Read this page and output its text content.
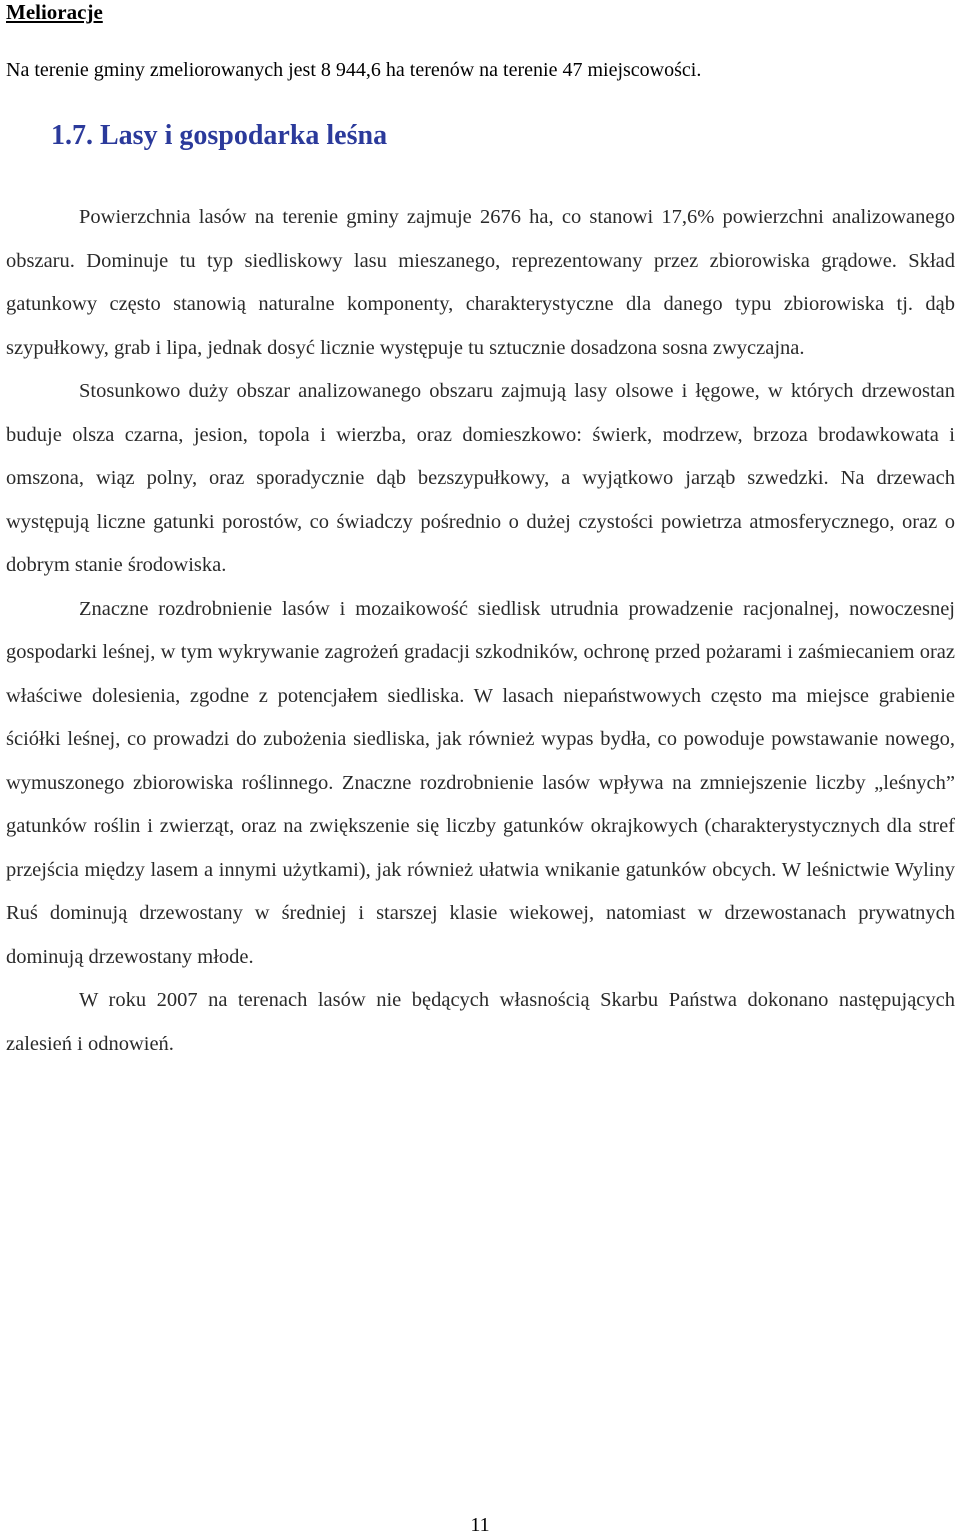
Melioracje

Na terenie gminy zmeliorowanych jest 8 944,6 ha terenów na terenie 47 miejscowości.

1.7. Lasy i gospodarka leśna

Powierzchnia lasów na terenie gminy zajmuje 2676 ha, co stanowi 17,6% powierzchni analizowanego obszaru. Dominuje tu typ siedliskowy lasu mieszanego, reprezentowany przez zbiorowiska grądowe. Skład gatunkowy często stanowią naturalne komponenty, charakterystyczne dla danego typu zbiorowiska tj. dąb szypułkowy, grab i lipa, jednak dosyć licznie występuje tu sztucznie dosadzona sosna zwyczajna.

Stosunkowo duży obszar analizowanego obszaru zajmują lasy olsowe i łęgowe, w których drzewostan buduje olsza czarna, jesion, topola i wierzba, oraz domieszkowo: świerk, modrzew, brzoza brodawkowata i omszona, wiąz polny, oraz sporadycznie dąb bezszypułkowy, a wyjątkowo jarząb szwedzki. Na drzewach występują liczne gatunki porostów, co świadczy pośrednio o dużej czystości powietrza atmosferycznego, oraz o dobrym stanie środowiska.

Znaczne rozdrobnienie lasów i mozaikowość siedlisk utrudnia prowadzenie racjonalnej, nowoczesnej gospodarki leśnej, w tym wykrywanie zagrożeń gradacji szkodników, ochronę przed pożarami i zaśmiecaniem oraz właściwe dolesienia, zgodne z potencjałem siedliska. W lasach niepaństwowych często ma miejsce grabienie ściółki leśnej, co prowadzi do zubożenia siedliska, jak również wypas bydła, co powoduje powstawanie nowego, wymuszonego zbiorowiska roślinnego. Znaczne rozdrobnienie lasów wpływa na zmniejszenie liczby „leśnych” gatunków roślin i zwierząt, oraz na zwiększenie się liczby gatunków okrajkowych (charakterystycznych dla stref przejścia między lasem a innymi użytkami), jak również ułatwia wnikanie gatunków obcych. W leśnictwie Wyliny Ruś dominują drzewostany w średniej i starszej klasie wiekowej, natomiast w drzewostanach prywatnych dominują drzewostany młode.

W roku 2007 na terenach lasów nie będących własnością Skarbu Państwa dokonano następujących zalesień i odnowień.

11
